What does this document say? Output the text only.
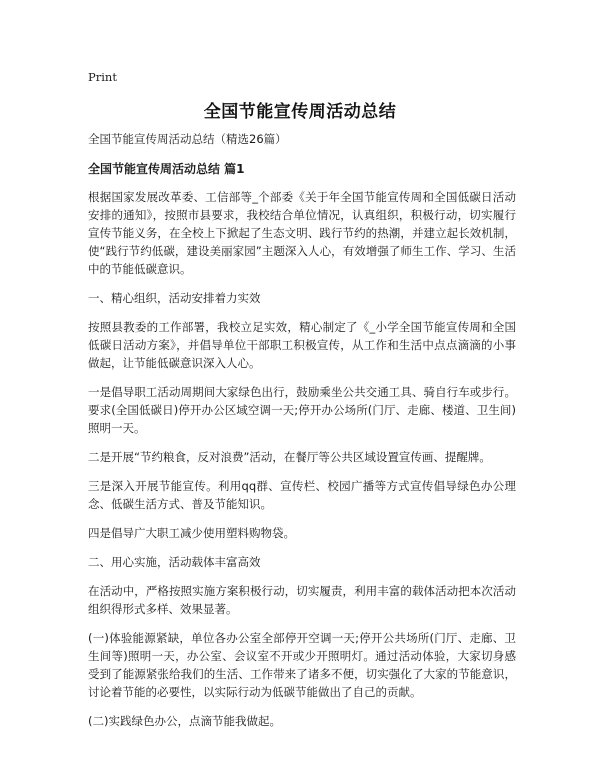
Print
全国节能宣传周活动总结

全国节能宣传周活动总结（精选26篇）

全国节能宣传周活动总结 篇1

根据国家发展改革委、工信部等_个部委《关于年全国节能宣传周和全国低碳日活动安排的通知》，按照市县要求，我校结合单位情况，认真组织，积极行动，切实履行宣传节能义务，在全校上下掀起了生态文明、践行节约的热潮，并建立起长效机制，使“践行节约低碳，建设美丽家园”主题深入人心，有效增强了师生工作、学习、生活中的节能低碳意识。

一、精心组织，活动安排着力实效

按照县教委的工作部署，我校立足实效，精心制定了《_小学全国节能宣传周和全国低碳日活动方案》，并倡导单位干部职工积极宣传，从工作和生活中点点滴滴的小事做起，让节能低碳意识深入人心。

一是倡导职工活动周期间大家绿色出行，鼓励乘坐公共交通工具、骑自行车或步行。要求(全国低碳日)停开办公区域空调一天;停开办公场所(门厅、走廊、楼道、卫生间)照明一天。

二是开展“节约粮食，反对浪费”活动，在餐厅等公共区域设置宣传画、提醒牌。

三是深入开展节能宣传。利用qq群、宣传栏、校园广播等方式宣传倡导绿色办公理念、低碳生活方式、普及节能知识。

四是倡导广大职工减少使用塑料购物袋。

二、用心实施，活动载体丰富高效

在活动中，严格按照实施方案积极行动，切实履责，利用丰富的载体活动把本次活动组织得形式多样、效果显著。

(一)体验能源紧缺，单位各办公室全部停开空调一天;停开公共场所(门厅、走廊、卫生间等)照明一天，办公室、会议室不开或少开照明灯。通过活动体验，大家切身感受到了能源紧张给我们的生活、工作带来了诸多不便，切实强化了大家的节能意识，讨论着节能的必要性，以实际行动为低碳节能做出了自己的贡献。

(二)实践绿色办公，点滴节能我做起。
